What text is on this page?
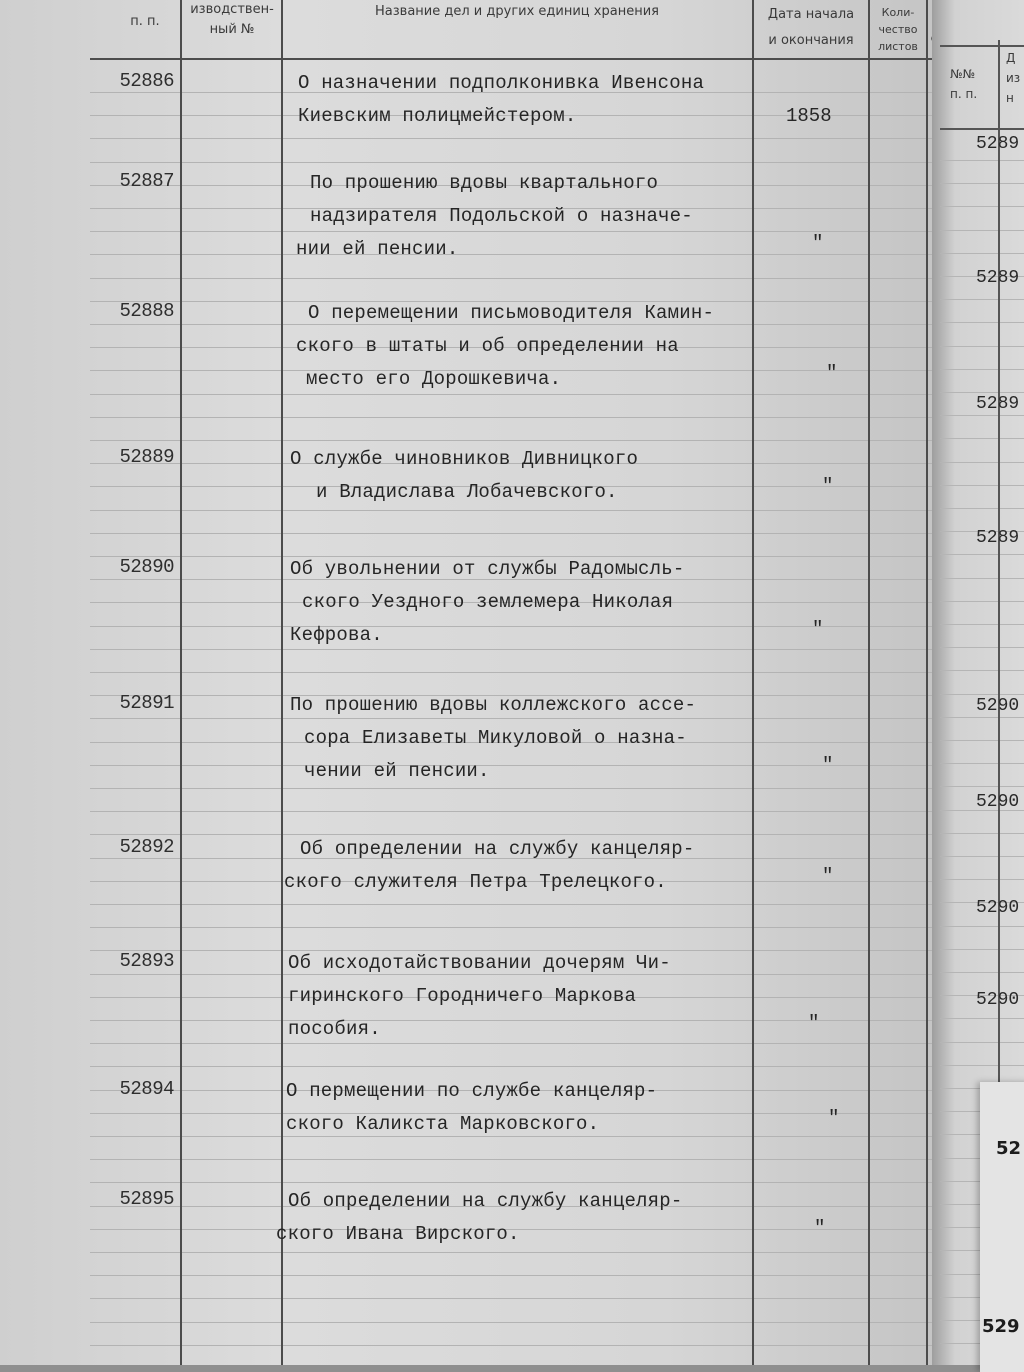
п. п.
изводствен-
ный №
Название дел и других единиц хранения	Дата начала
и окончания
Коли-
чество
листов
52886	О назначении подполконивка Ивенсона
Киевским полицмейстером.	1858
52887	По прошению вдовы квартального
надзирателя Подольской о назначе-
нии ей пенсии.	"
52888	О перемещении письмоводителя Камин-
ского в штаты и об определении на
место его Дорошкевича.	"
52889	О службе чиновников Дивницкого
и Владислава Лобачевского.	"
52890	Об увольнении от службы Радомысль-
ского Уездного землемера Николая
Кефрова.	"
52891	По прошению вдовы коллежского ассе-
сора Елизаветы Микуловой о назна-
чении ей пенсии.	"
52892	Об определении на службу канцеляр-
ского служителя Петра Трелецкого.	"
52893	Об исходотайствовании дочерям Чи-
гиринского Городничего Маркова
пособия.	"
52894	О пермещении по службе канцеляр-
ского Каликста Марковского.	"
52895	Об определении на службу канцеляр-
ского Ивана Вирского.	"
№№
п. п.
Д
из
н
5289
5289
5289
5289
5290
5290
5290
5290
52
529
